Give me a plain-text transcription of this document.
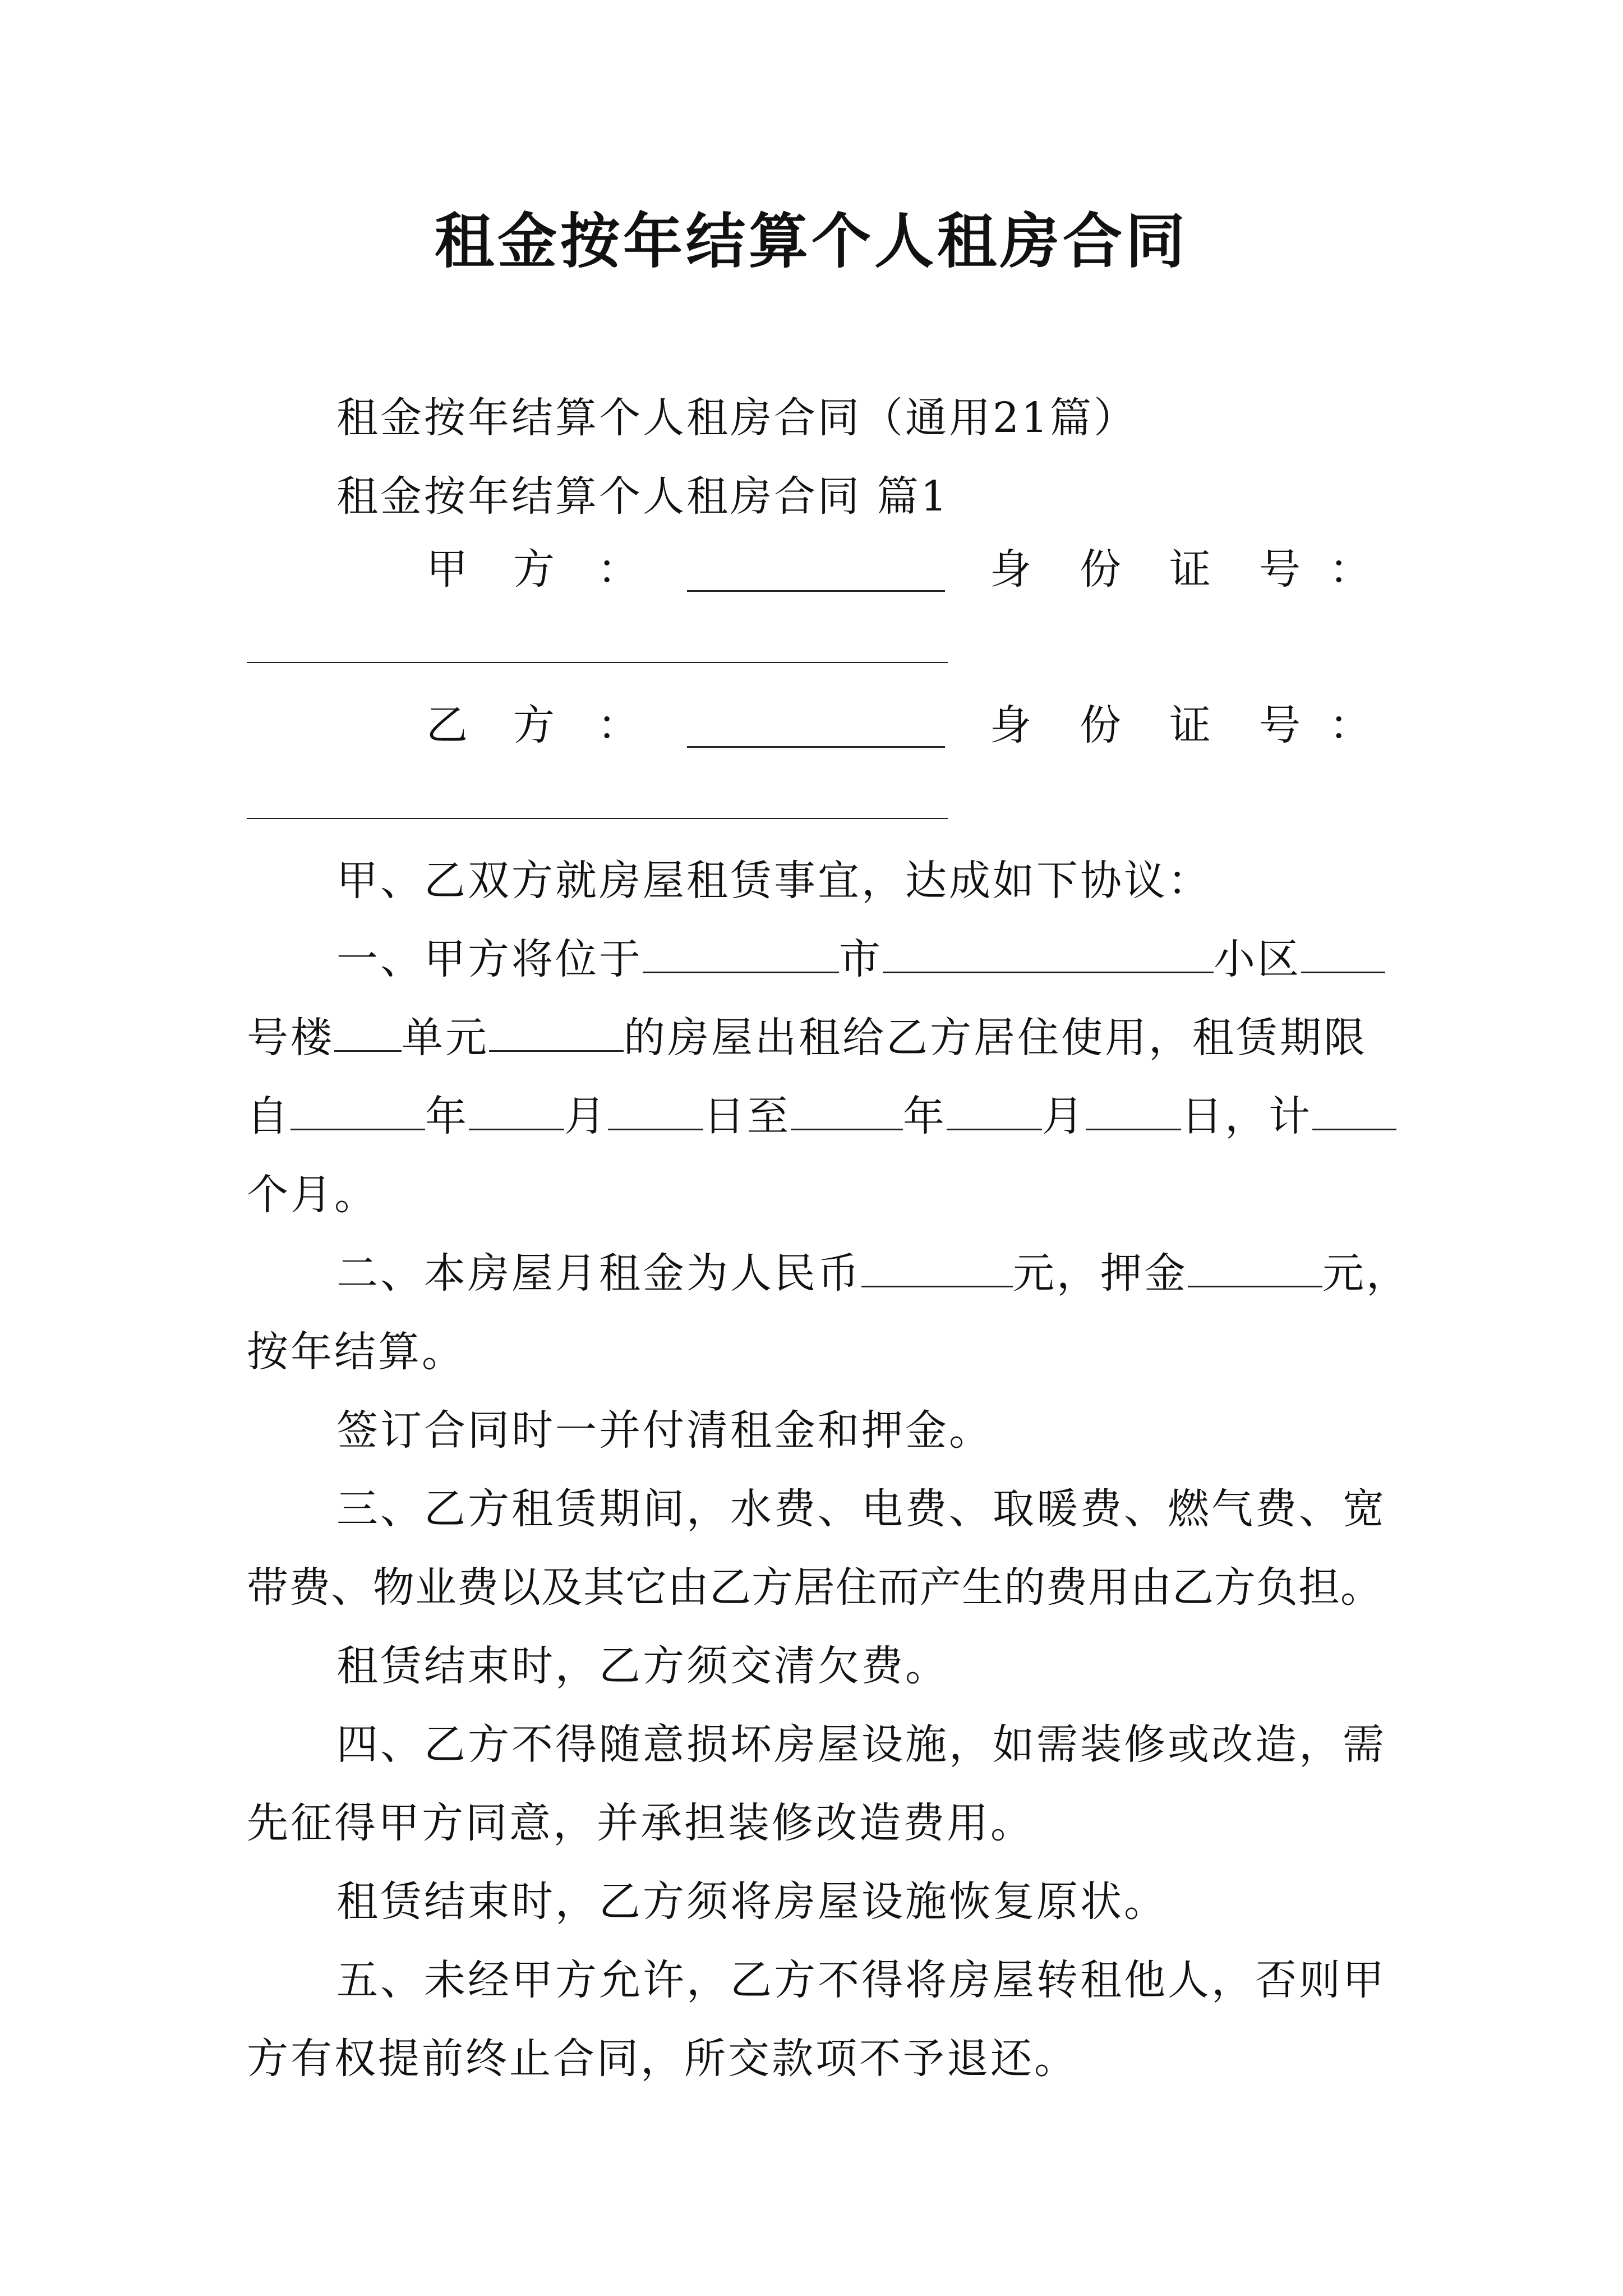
租金按年结算个人租房合同
租金按年结算个人租房合同（通用21篇）
租金按年结算个人租房合同 篇1
甲 方 ：	身 份 证 号 ：
乙 方 ：	身 份 证 号 ：
甲、乙双方就房屋租赁事宜，达成如下协议：
一、甲方将位于	市	小区
号楼 单元	的房屋出租给乙方居住使用，租赁期限
自	年 月 日至	年 月 日，计
个月。
二、本房屋月租金为人民币	元，押金	元，
按年结算。
签订合同时一并付清租金和押金。
三、乙方租赁期间，水费、电费、取暖费、燃气费、宽
带费、物业费以及其它由乙方居住而产生的费用由乙方负担。
租赁结束时，乙方须交清欠费。
四、乙方不得随意损坏房屋设施，如需装修或改造，需
先征得甲方同意，并承担装修改造费用。
租赁结束时，乙方须将房屋设施恢复原状。
五、未经甲方允许，乙方不得将房屋转租他人，否则甲
方有权提前终止合同，所交款项不予退还。
